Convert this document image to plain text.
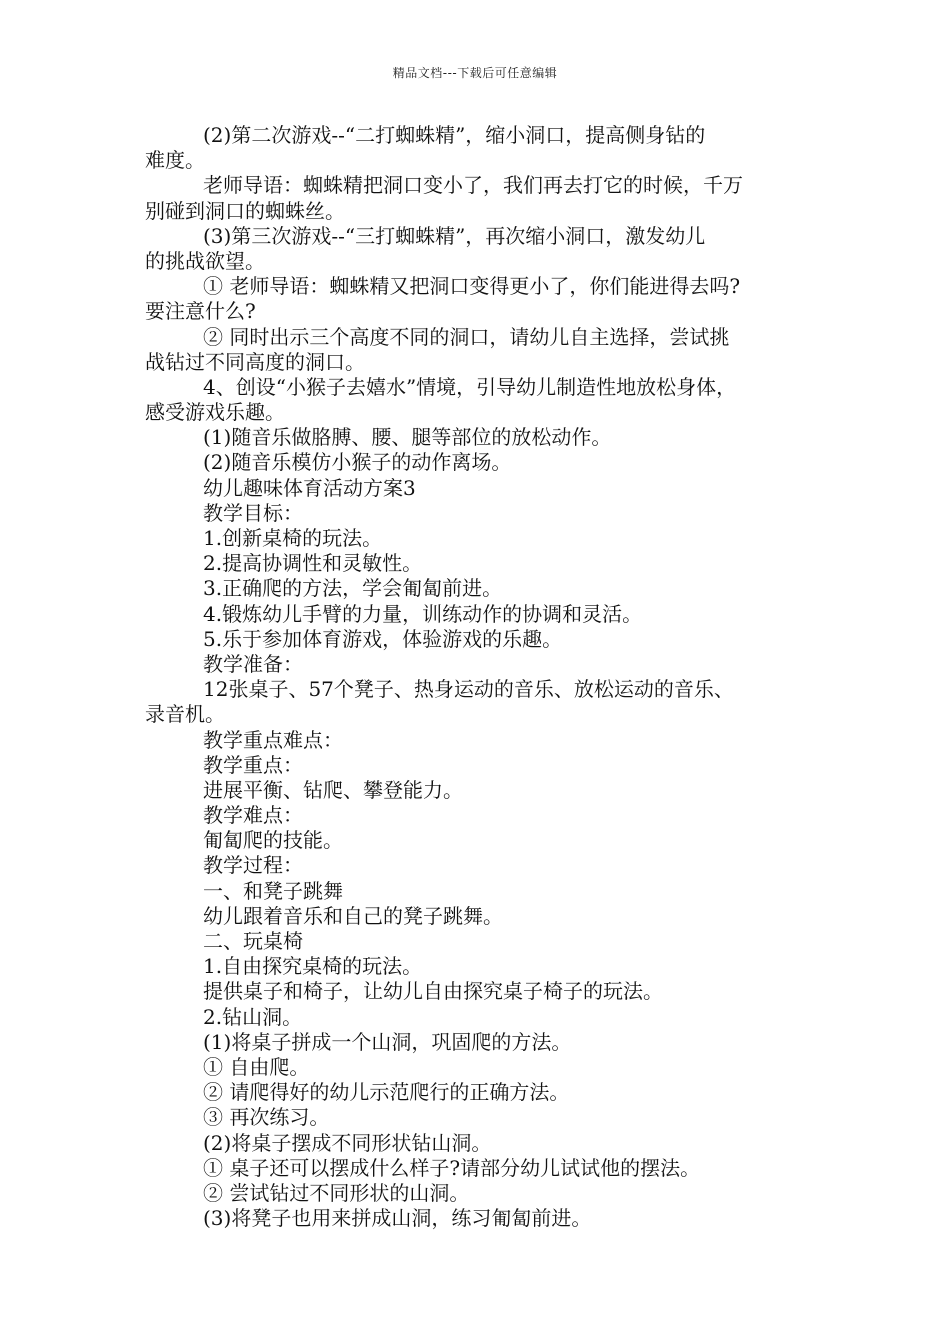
精品文档---下载后可任意编辑
(2)第二次游戏--“二打蜘蛛精”，缩小洞口，提高侧身钻的
难度。
老师导语：蜘蛛精把洞口变小了，我们再去打它的时候，千万
别碰到洞口的蜘蛛丝。
(3)第三次游戏--“三打蜘蛛精”，再次缩小洞口，激发幼儿
的挑战欲望。
① 老师导语：蜘蛛精又把洞口变得更小了，你们能进得去吗?
要注意什么?
② 同时出示三个高度不同的洞口，请幼儿自主选择，尝试挑
战钻过不同高度的洞口。
4、创设“小猴子去嬉水”情境，引导幼儿制造性地放松身体，
感受游戏乐趣。
(1)随音乐做胳膊、腰、腿等部位的放松动作。
(2)随音乐模仿小猴子的动作离场。
幼儿趣味体育活动方案3
教学目标：
1.创新桌椅的玩法。
2.提高协调性和灵敏性。
3.正确爬的方法，学会匍匐前进。
4.锻炼幼儿手臂的力量，训练动作的协调和灵活。
5.乐于参加体育游戏，体验游戏的乐趣。
教学准备：
12张桌子、57个凳子、热身运动的音乐、放松运动的音乐、
录音机。
教学重点难点：
教学重点：
进展平衡、钻爬、攀登能力。
教学难点：
匍匐爬的技能。
教学过程：
一、和凳子跳舞
幼儿跟着音乐和自己的凳子跳舞。
二、玩桌椅
1.自由探究桌椅的玩法。
提供桌子和椅子，让幼儿自由探究桌子椅子的玩法。
2.钻山洞。
(1)将桌子拼成一个山洞，巩固爬的方法。
① 自由爬。
② 请爬得好的幼儿示范爬行的正确方法。
③ 再次练习。
(2)将桌子摆成不同形状钻山洞。
① 桌子还可以摆成什么样子?请部分幼儿试试他的摆法。
② 尝试钻过不同形状的山洞。
(3)将凳子也用来拼成山洞，练习匍匐前进。
